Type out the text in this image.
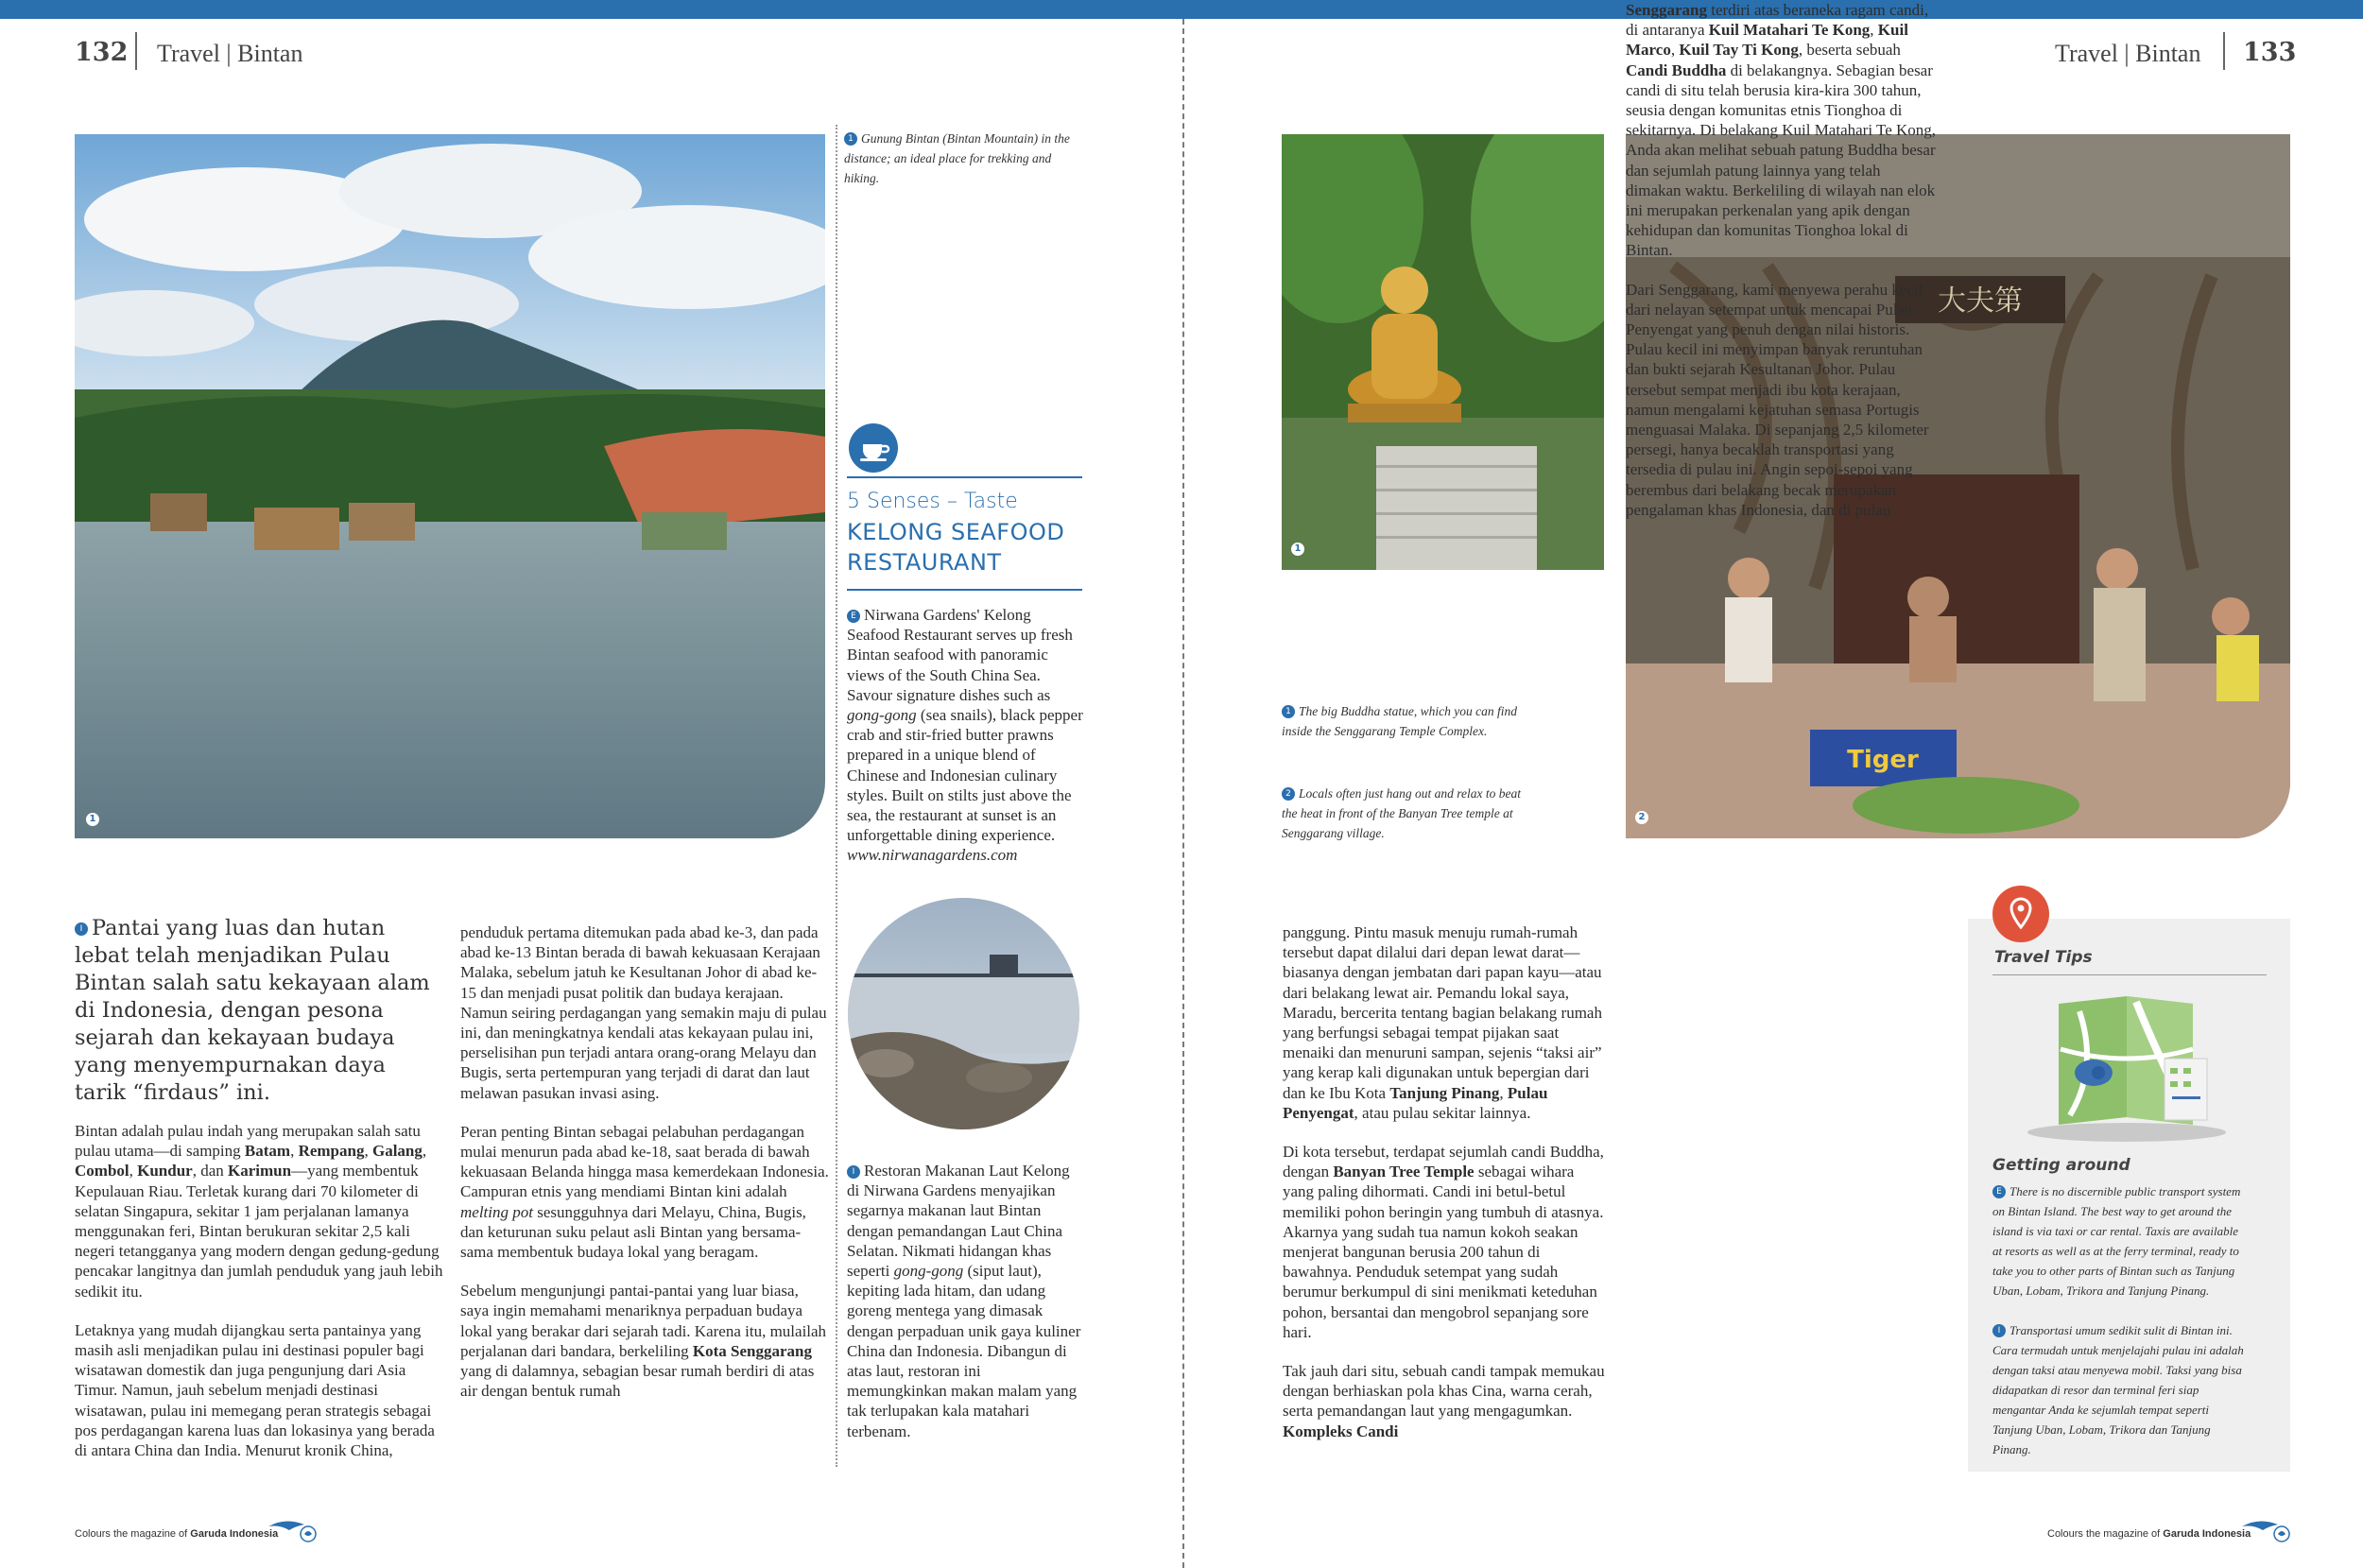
132 Travel | Bintan	Travel | Bintan 133
1
1 Gunung Bintan (Bintan Mountain) in the distance; an ideal place for trekking and hiking.
5 Senses – Taste
KELONG SEAFOOD RESTAURANT
E Nirwana Gardens' Kelong Seafood Restaurant serves up fresh Bintan seafood with panoramic views of the South China Sea. Savour signature dishes such as gong-gong (sea snails), black pepper crab and stir-fried butter prawns prepared in a unique blend of Chinese and Indonesian culinary styles. Built on stilts just above the sea, the restaurant at sunset is an unforgettable dining experience.
www.nirwanagardens.com
I Restoran Makanan Laut Kelong di Nirwana Gardens menyajikan segarnya makanan laut Bintan dengan pemandangan Laut China Selatan. Nikmati hidangan khas seperti gong-gong (siput laut), kepiting lada hitam, dan udang goreng mentega yang dimasak dengan perpaduan unik gaya kuliner China dan Indonesia. Dibangun di atas laut, restoran ini memungkinkan makan malam yang tak terlupakan kala matahari terbenam.
I Pantai yang luas dan hutan lebat telah menjadikan Pulau Bintan salah satu kekayaan alam di Indonesia, dengan pesona sejarah dan kekayaan budaya yang menyempurnakan daya tarik “firdaus” ini.

Bintan adalah pulau indah yang merupakan salah satu pulau utama—di samping Batam, Rempang, Galang, Combol, Kundur, dan Karimun—yang membentuk Kepulauan Riau. Terletak kurang dari 70 kilometer di selatan Singapura, sekitar 1 jam perjalanan lamanya menggunakan feri, Bintan berukuran sekitar 2,5 kali negeri tetangganya yang modern dengan gedung-gedung pencakar langitnya dan jumlah penduduk yang jauh lebih sedikit itu.

Letaknya yang mudah dijangkau serta pantainya yang masih asli menjadikan pulau ini destinasi populer bagi wisatawan domestik dan juga pengunjung dari Asia Timur. Namun, jauh sebelum menjadi destinasi wisatawan, pulau ini memegang peran strategis sebagai pos perdagangan karena luas dan lokasinya yang berada di antara China dan India. Menurut kronik China,

penduduk pertama ditemukan pada abad ke-3, dan pada abad ke-13 Bintan berada di bawah kekuasaan Kerajaan Malaka, sebelum jatuh ke Kesultanan Johor di abad ke-15 dan menjadi pusat politik dan budaya kerajaan. Namun seiring perdagangan yang semakin maju di pulau ini, dan meningkatnya kendali atas kekayaan pulau ini, perselisihan pun terjadi antara orang-orang Melayu dan Bugis, serta pertempuran yang terjadi di darat dan laut melawan pasukan invasi asing.

Peran penting Bintan sebagai pelabuhan perdagangan mulai menurun pada abad ke-18, saat berada di bawah kekuasaan Belanda hingga masa kemerdekaan Indonesia. Campuran etnis yang mendiami Bintan kini adalah melting pot sesungguhnya dari Melayu, China, Bugis, dan keturunan suku pelaut asli Bintan yang bersama-sama membentuk budaya lokal yang beragam.

Sebelum mengunjungi pantai-pantai yang luar biasa, saya ingin memahami menariknya perpaduan budaya lokal yang berakar dari sejarah tadi. Karena itu, mulailah perjalanan dari bandara, berkeliling Kota Senggarang yang di dalamnya, sebagian besar rumah berdiri di atas air dengan bentuk rumah

1
大夫第
Tiger
2
1 The big Buddha statue, which you can find inside the Senggarang Temple Complex.
2 Locals often just hang out and relax to beat the heat in front of the Banyan Tree temple at Senggarang village.

panggung. Pintu masuk menuju rumah-rumah tersebut dapat dilalui dari depan lewat darat—biasanya dengan jembatan dari papan kayu—atau dari belakang lewat air. Pemandu lokal saya, Maradu, bercerita tentang bagian belakang rumah yang berfungsi sebagai tempat pijakan saat menaiki dan menuruni sampan, sejenis “taksi air” yang kerap kali digunakan untuk bepergian dari dan ke Ibu Kota Tanjung Pinang, Pulau Penyengat, atau pulau sekitar lainnya.

Di kota tersebut, terdapat sejumlah candi Buddha, dengan Banyan Tree Temple sebagai wihara yang paling dihormati. Candi ini betul-betul memiliki pohon beringin yang tumbuh di atasnya. Akarnya yang sudah tua namun kokoh seakan menjerat bangunan berusia 200 tahun di bawahnya. Penduduk setempat yang sudah berumur berkumpul di sini menikmati keteduhan pohon, bersantai dan mengobrol sepanjang sore hari.

Tak jauh dari situ, sebuah candi tampak memukau dengan berhiaskan pola khas Cina, warna cerah, serta pemandangan laut yang mengagumkan. Kompleks Candi

Senggarang terdiri atas beraneka ragam candi, di antaranya Kuil Matahari Te Kong, Kuil Marco, Kuil Tay Ti Kong, beserta sebuah Candi Buddha di belakangnya. Sebagian besar candi di situ telah berusia kira-kira 300 tahun, seusia dengan komunitas etnis Tionghoa di sekitarnya. Di belakang Kuil Matahari Te Kong, Anda akan melihat sebuah patung Buddha besar dan sejumlah patung lainnya yang telah dimakan waktu. Berkeliling di wilayah nan elok ini merupakan perkenalan yang apik dengan kehidupan dan komunitas Tionghoa lokal di Bintan.

Dari Senggarang, kami menyewa perahu kecil dari nelayan setempat untuk mencapai Pulau Penyengat yang penuh dengan nilai historis. Pulau kecil ini menyimpan banyak reruntuhan dan bukti sejarah Kesultanan Johor. Pulau tersebut sempat menjadi ibu kota kerajaan, namun mengalami kejatuhan semasa Portugis menguasai Malaka. Di sepanjang 2,5 kilometer persegi, hanya becaklah transportasi yang tersedia di pulau ini. Angin sepoi-sepoi yang berembus dari belakang becak merupakan pengalaman khas Indonesia, dan di pulau

Travel Tips
Getting around
E There is no discernible public transport system on Bintan Island. The best way to get around the island is via taxi or car rental. Taxis are available at resorts as well as at the ferry terminal, ready to take you to other parts of Bintan such as Tanjung Uban, Lobam, Trikora and Tanjung Pinang.
I Transportasi umum sedikit sulit di Bintan ini. Cara termudah untuk menjelajahi pulau ini adalah dengan taksi atau menyewa mobil. Taksi yang bisa didapatkan di resor dan terminal feri siap mengantar Anda ke sejumlah tempat seperti Tanjung Uban, Lobam, Trikora dan Tanjung Pinang.
Colours the magazine of Garuda Indonesia	Colours the magazine of Garuda Indonesia
